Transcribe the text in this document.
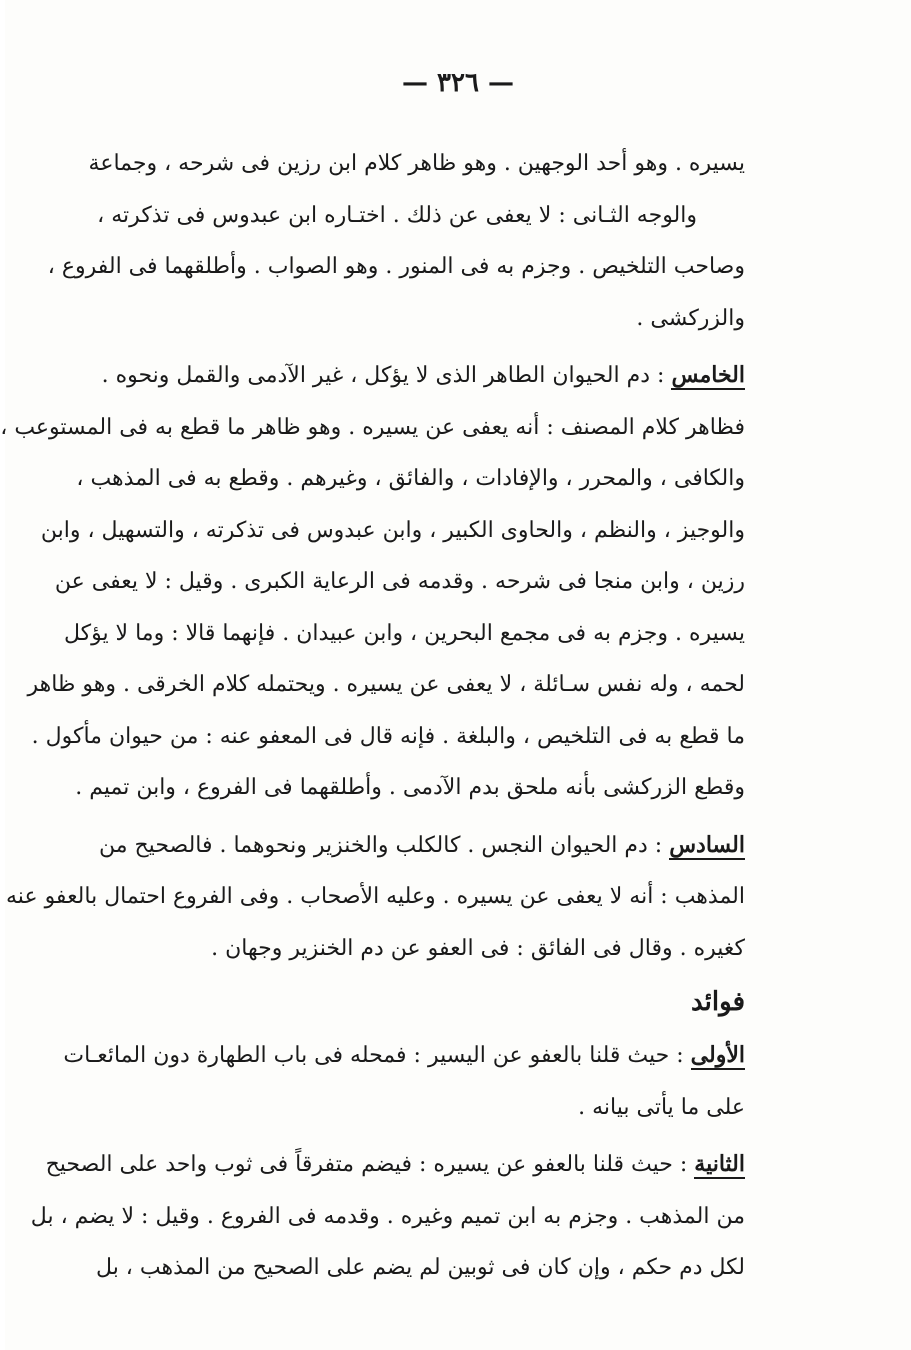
— ٣٢٦ —
يسيره . وهو أحد الوجهين . وهو ظاهر كلام ابن رزين فى شرحه ، وجماعة
والوجه الثـانى : لا يعفى عن ذلك . اختـاره ابن عبدوس فى تذكرته ،
وصاحب التلخيص . وجزم به فى المنور . وهو الصواب . وأطلقهما فى الفروع ،
والزركشى .
الخامس : دم الحيوان الطاهر الذى لا يؤكل ، غير الآدمى والقمل ونحوه .
فظاهر كلام المصنف : أنه يعفى عن يسيره . وهو ظاهر ما قطع به فى المستوعب ،
والكافى ، والمحرر ، والإفادات ، والفائق ، وغيرهم . وقطع به فى المذهب ،
والوجيز ، والنظم ، والحاوى الكبير ، وابن عبدوس فى تذكرته ، والتسهيل ، وابن
رزين ، وابن منجا فى شرحه . وقدمه فى الرعاية الكبرى . وقيل : لا يعفى عن
يسيره . وجزم به فى مجمع البحرين ، وابن عبيدان . فإنهما قالا : وما لا يؤكل
لحمه ، وله نفس سـائلة ، لا يعفى عن يسيره . ويحتمله كلام الخرقى . وهو ظاهر
ما قطع به فى التلخيص ، والبلغة . فإنه قال فى المعفو عنه : من حيوان مأكول .
وقطع الزركشى بأنه ملحق بدم الآدمى . وأطلقهما فى الفروع ، وابن تميم .
السادس : دم الحيوان النجس . كالكلب والخنزير ونحوهما . فالصحيح من
المذهب : أنه لا يعفى عن يسيره . وعليه الأصحاب . وفى الفروع احتمال بالعفو عنه
كغيره . وقال فى الفائق : فى العفو عن دم الخنزير وجهان .
فوائد
الأولى : حيث قلنا بالعفو عن اليسير : فمحله فى باب الطهارة دون المائعـات
على ما يأتى بيانه .
الثانية : حيث قلنا بالعفو عن يسيره : فيضم متفرقاً فى ثوب واحد على الصحيح
من المذهب . وجزم به ابن تميم وغيره . وقدمه فى الفروع . وقيل : لا يضم ، بل
لكل دم حكم ، وإن كان فى ثوبين لم يضم على الصحيح من المذهب ، بل
